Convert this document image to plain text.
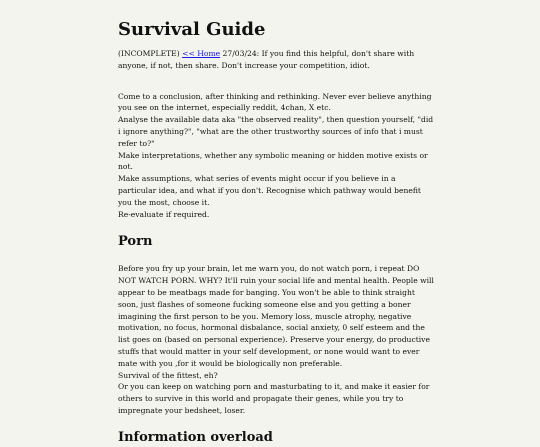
Survival Guide

(INCOMPLETE) << Home 27/03/24: If you find this helpful, don't share with anyone, if not, then share. Don't increase your competition, idiot.

Come to a conclusion, after thinking and rethinking. Never ever believe anything you see on the internet, especially reddit, 4chan, X etc.

Analyse the available data aka "the observed reality", then question yourself, "did i ignore anything?", "what are the other trustworthy sources of info that i must refer to?"

Make interpretations, whether any symbolic meaning or hidden motive exists or not.

Make assumptions, what series of events might occur if you believe in a particular idea, and what if you don't. Recognise which pathway would benefit you the most, choose it.

Re-evaluate if required.

Porn

Before you fry up your brain, let me warn you, do not watch porn, i repeat DO NOT WATCH PORN. WHY? It'll ruin your social life and mental health. People will appear to be meatbags made for banging. You won't be able to think straight soon, just flashes of someone fucking someone else and you getting a boner imagining the first person to be you. Memory loss, muscle atrophy, negative motivation, no focus, hormonal disbalance, social anxiety, 0 self esteem and the list goes on (based on personal experience). Preserve your energy, do productive stuffs that would matter in your self development, or none would want to ever mate with you ,for it would be biologically non preferable.

Survival of the fittest, eh?

Or you can keep on watching porn and masturbating to it, and make it easier for others to survive in this world and propagate their genes, while you try to impregnate your bedsheet, loser.

Information overload
